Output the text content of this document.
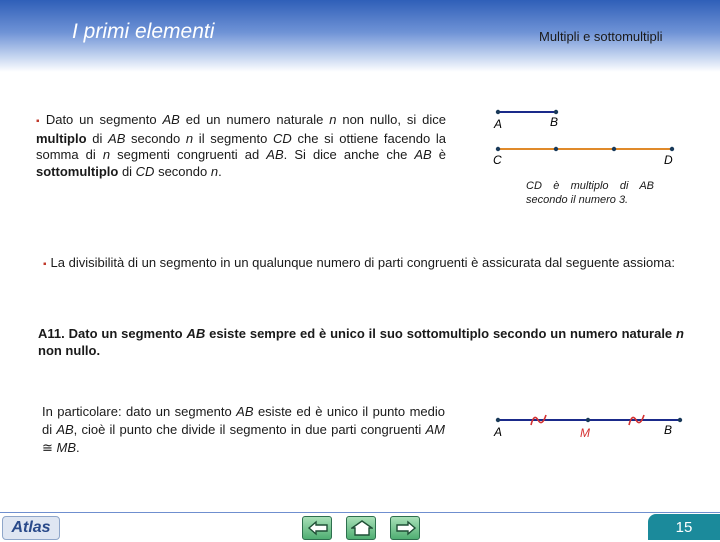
I primi elementi	Multipli e sottomultipli
▪ Dato un segmento AB ed un numero naturale n non nullo, si dice multiplo di AB secondo n il segmento CD che si ottiene facendo la somma di n segmenti congruenti ad AB. Si dice anche che AB è sottomultiplo di CD secondo n.
A	B
C	D
A	M	B
CD è multiplo di AB secondo il numero 3.
▪ La divisibilità di un segmento in un qualunque numero di parti congruenti è assicurata dal seguente assioma:
A11. Dato un segmento AB esiste sempre ed è unico il suo sottomultiplo secondo un numero naturale n non nullo.
In particolare: dato un segmento AB esiste ed è unico il punto medio di AB, cioè il punto che divide il segmento in due parti congruenti AM ≅ MB.
Atlas	15
